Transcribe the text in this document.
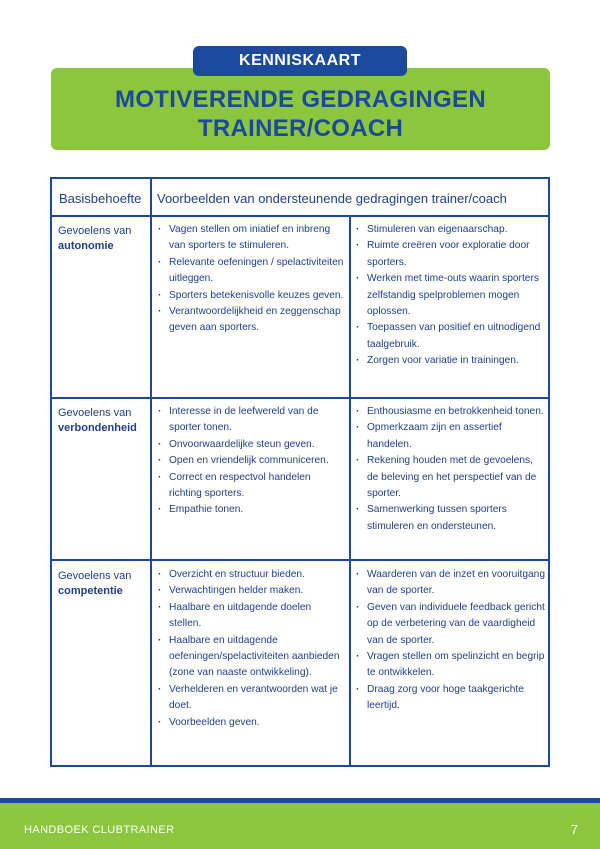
MOTIVERENDE GEDRAGINGEN
TRAINER/COACH
KENNISKAART
Basisbehoefte	Voorbeelden van ondersteunende gedragingen trainer/coach
Gevoelens van
autonomie
· Vagen stellen om iniatief en inbreng van sporters te stimuleren.
· Relevante oefeningen / spelactiviteiten uitleggen.
· Sporters betekenisvolle keuzes geven.
· Verantwoordelijkheid en zeggenschap geven aan sporters.
· Stimuleren van eigenaarschap.
· Ruimte creëren voor exploratie door sporters.
· Werken met time-outs waarin sporters zelfstandig spelproblemen mogen oplossen.
· Toepassen van positief en uitnodigend taalgebruik.
· Zorgen voor variatie in trainingen.
Gevoelens van
verbondenheid
· Interesse in de leefwereld van de sporter tonen.
· Onvoorwaardelijke steun geven.
· Open en vriendelijk communiceren.
· Correct en respectvol handelen richting sporters.
· Empathie tonen.
· Enthousiasme en betrokkenheid tonen.
· Opmerkzaam zijn en assertief handelen.
· Rekening houden met de gevoelens, de beleving en het perspectief van de sporter.
· Samenwerking tussen sporters stimuleren en ondersteunen.
Gevoelens van
competentie
· Overzicht en structuur bieden.
· Verwachtingen helder maken.
· Haalbare en uitdagende doelen stellen.
· Haalbare en uitdagende oefeningen/spelactiviteiten aanbieden (zone van naaste ontwikkeling).
· Verhelderen en verantwoorden wat je doet.
· Voorbeelden geven.
· Waarderen van de inzet en vooruitgang van de sporter.
· Geven van individuele feedback gericht op de verbetering van de vaardigheid van de sporter.
· Vragen stellen om spelinzicht en begrip te ontwikkelen.
· Draag zorg voor hoge taakgerichte leertijd.
HANDBOEK CLUBTRAINER	7
